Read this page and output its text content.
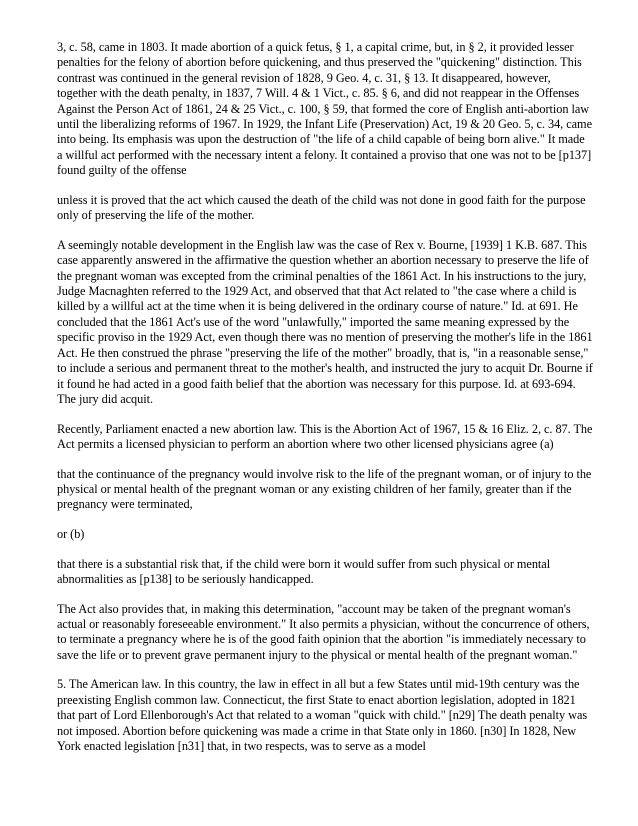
3, c. 58, came in 1803. It made abortion of a quick fetus, § 1, a capital crime, but, in § 2, it provided lesser penalties for the felony of abortion before quickening, and thus preserved the "quickening" distinction. This contrast was continued in the general revision of 1828, 9 Geo. 4, c. 31, § 13. It disappeared, however, together with the death penalty, in 1837, 7 Will. 4 & 1 Vict., c. 85. § 6, and did not reappear in the Offenses Against the Person Act of 1861, 24 & 25 Vict., c. 100, § 59, that formed the core of English anti-abortion law until the liberalizing reforms of 1967. In 1929, the Infant Life (Preservation) Act, 19 & 20 Geo. 5, c. 34, came into being. Its emphasis was upon the destruction of "the life of a child capable of being born alive." It made a willful act performed with the necessary intent a felony. It contained a proviso that one was not to be [p137] found guilty of the offense

unless it is proved that the act which caused the death of the child was not done in good faith for the purpose only of preserving the life of the mother.

A seemingly notable development in the English law was the case of Rex v. Bourne, [1939] 1 K.B. 687. This case apparently answered in the affirmative the question whether an abortion necessary to preserve the life of the pregnant woman was excepted from the criminal penalties of the 1861 Act. In his instructions to the jury, Judge Macnaghten referred to the 1929 Act, and observed that that Act related to "the case where a child is killed by a willful act at the time when it is being delivered in the ordinary course of nature." Id. at 691. He concluded that the 1861 Act's use of the word "unlawfully," imported the same meaning expressed by the specific proviso in the 1929 Act, even though there was no mention of preserving the mother's life in the 1861 Act. He then construed the phrase "preserving the life of the mother" broadly, that is, "in a reasonable sense," to include a serious and permanent threat to the mother's health, and instructed the jury to acquit Dr. Bourne if it found he had acted in a good faith belief that the abortion was necessary for this purpose. Id. at 693-694. The jury did acquit.

Recently, Parliament enacted a new abortion law. This is the Abortion Act of 1967, 15 & 16 Eliz. 2, c. 87. The Act permits a licensed physician to perform an abortion where two other licensed physicians agree (a)

that the continuance of the pregnancy would involve risk to the life of the pregnant woman, or of injury to the physical or mental health of the pregnant woman or any existing children of her family, greater than if the pregnancy were terminated,

or (b)

that there is a substantial risk that, if the child were born it would suffer from such physical or mental abnormalities as [p138] to be seriously handicapped.

The Act also provides that, in making this determination, "account may be taken of the pregnant woman's actual or reasonably foreseeable environment." It also permits a physician, without the concurrence of others, to terminate a pregnancy where he is of the good faith opinion that the abortion "is immediately necessary to save the life or to prevent grave permanent injury to the physical or mental health of the pregnant woman."

5. The American law. In this country, the law in effect in all but a few States until mid-19th century was the preexisting English common law. Connecticut, the first State to enact abortion legislation, adopted in 1821 that part of Lord Ellenborough's Act that related to a woman "quick with child." [n29] The death penalty was not imposed. Abortion before quickening was made a crime in that State only in 1860. [n30] In 1828, New York enacted legislation [n31] that, in two respects, was to serve as a model
